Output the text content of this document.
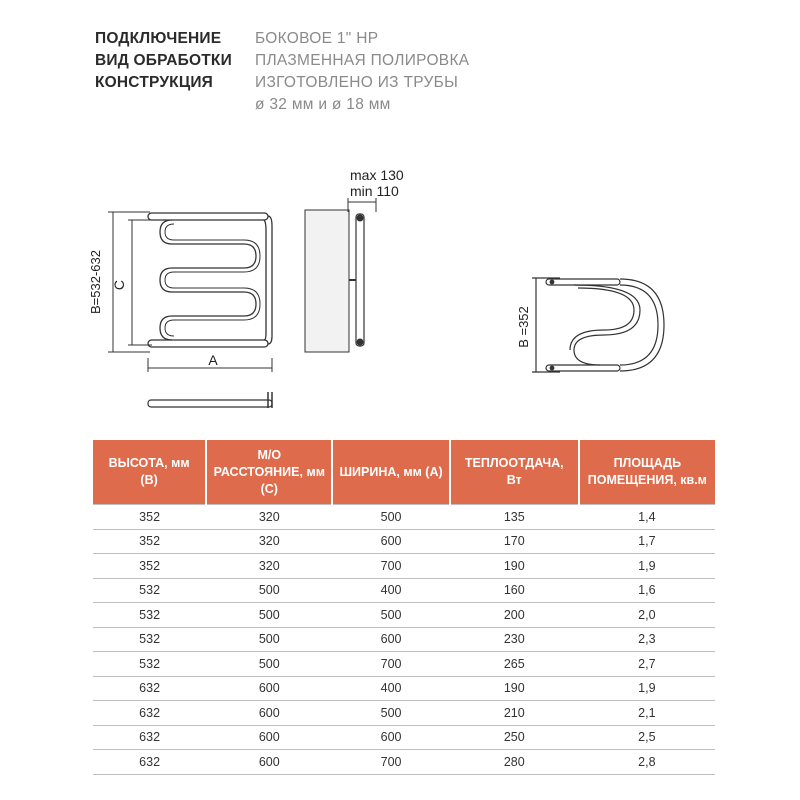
ПОДКЛЮЧЕНИЕ	БОКОВОЕ 1" НР
ВИД ОБРАБОТКИ	ПЛАЗМЕННАЯ ПОЛИРОВКА
КОНСТРУКЦИЯ	ИЗГОТОВЛЕНО ИЗ ТРУБЫ
ø 32 мм и ø 18 мм
B=532-632 C
A
max 130
min 110
B =352
ВЫСОТА, мм (B)	М/О РАССТОЯНИЕ, мм (C)	ШИРИНА, мм (A)	ТЕПЛООТДАЧА, Вт	ПЛОЩАДЬ ПОМЕЩЕНИЯ, кв.м
352	320	500	135	1,4
352	320	600	170	1,7
352	320	700	190	1,9
532	500	400	160	1,6
532	500	500	200	2,0
532	500	600	230	2,3
532	500	700	265	2,7
632	600	400	190	1,9
632	600	500	210	2,1
632	600	600	250	2,5
632	600	700	280	2,8
